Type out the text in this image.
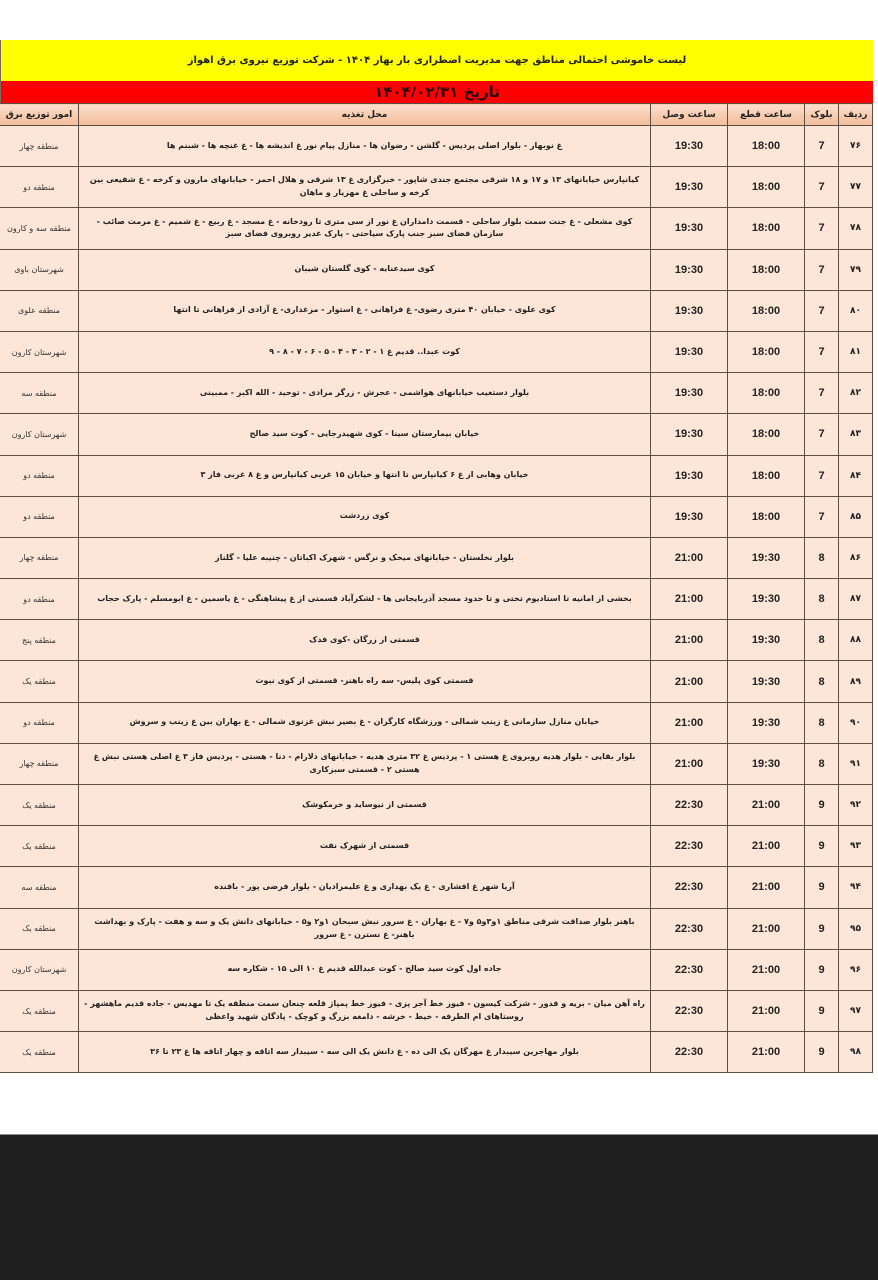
لیست خاموشی احتمالی مناطق جهت مدیریت اضطراری بار بهار ۱۴۰۴ - شرکت توزیع نیروی برق اهواز
تاریخ ۱۴۰۴/۰۲/۳۱
ردیف	بلوک	ساعت قطع	ساعت وصل	محل تغذیه	امور توزیع برق
۷۶	7	18:00	19:30	غ نوبهار - بلوار اصلی پردیس - گلشن - رضوان ها - منازل پیام نور غ اندیشه ها - غ غنچه ها - شبنم ها	منطقه چهار
۷۷	7	18:00	19:30	کیانپارس خیابانهای ۱۳ و ۱۷ و ۱۸ شرقی مجتمع جندی شاپور - خبرگزاری غ ۱۳ شرقی و هلال احمر - خیابانهای مارون و کرخه - غ شفیعی بین کرخه و ساحلی غ مهزیار و ماهان	منطقه دو
۷۸	7	18:00	19:30	کوی مشعلی - غ جنت سمت بلوار ساحلی - قسمت دامداران غ نور از سی متری تا رودخانه - غ مسجد - غ ربیع - غ شمیم - غ مرمت صائب - سازمان فضای سبز جنب پارک سیاحتی - پارک غدیر روبروی فضای سبز	منطقه سه و کارون
۷۹	7	18:00	19:30	کوی سیدعنایه - کوی گلستان شیبان	شهرستان باوی
۸۰	7	18:00	19:30	کوی علوی - خیابان ۴۰ متری رضوی- غ فراهانی - غ استوار - مرغداری- غ آزادی از فراهانی تا انتها	منطقه علوی
۸۱	7	18:00	19:30	کوت عبدا.. قدیم غ ۱ - ۲ - ۳ - ۴ - ۵ - ۶ - ۷ - ۸ - ۹	شهرستان کارون
۸۲	7	18:00	19:30	بلوار دستغیب خیابانهای هواشمی - عجرش - زرگر مرادی - توحید - الله اکبر - ممبینی	منطقه سه
۸۳	7	18:00	19:30	خیابان بیمارستان سینا - کوی شهیدرجایی - کوت سید صالح	شهرستان کارون
۸۴	7	18:00	19:30	خیابان وهابی از غ ۶ کیانپارس تا انتها و خیابان ۱۵ غربی کیانپارس و غ ۸ غربی فاز ۳	منطقه دو
۸۵	7	18:00	19:30	کوی زردشت	منطقه دو
۸۶	8	19:30	21:00	بلوار نخلستان - خیابانهای میخک و نرگس - شهرک اکباتان - چنیبه علیا - گلناز	منطقه چهار
۸۷	8	19:30	21:00	بخشی از امانیه تا استادیوم تختی و تا حدود مسجد آذربایجانی ها - لشکرآباد قسمتی از غ پیشاهنگی - غ یاسمین - غ ابومسلم - پارک حجاب	منطقه دو
۸۸	8	19:30	21:00	قسمتی از زرگان -کوی فدک	منطقه پنج
۸۹	8	19:30	21:00	قسمتی کوی پلیس- سه راه باهنر- قسمتی از کوی نبوت	منطقه یک
۹۰	8	19:30	21:00	خیابان منازل سازمانی غ زینب شمالی - ورزشگاه کارگران - غ بصیر نبش غزنوی شمالی - غ بهاران بین غ زینب و سروش	منطقه دو
۹۱	8	19:30	21:00	بلوار بقایی - بلوار هدیه روبروی غ هستی ۱ - پردیس غ ۳۲ متری هدیه - خیابانهای دلارام - دنا - هستی - پردیس فاز ۳ غ اصلی هستی نبش غ هستی ۲ - قسمتی سبزکاری	منطقه چهار
۹۲	9	21:00	22:30	قسمتی از نیوساید و خرمکوشک	منطقه یک
۹۳	9	21:00	22:30	قسمتی از شهرک نفت	منطقه یک
۹۴	9	21:00	22:30	آریا شهر غ افشاری - غ یک بهداری و غ علیمرادیان - بلوار فرضی پور - بافنده	منطقه سه
۹۵	9	21:00	22:30	باهنر بلوار صداقت شرقی مناطق ۱و۳و۵ و۷ - غ بهاران - غ سرور نبش سبحان ۱و۲ و۵ - خیابانهای دانش یک و سه و هفت - پارک و بهداشت باهنر- غ نسترن - غ سرور	منطقه یک
۹۶	9	21:00	22:30	جاده اول کوت سید صالح - کوت عبدالله قدیم غ ۱۰ الی ۱۵ - شکاره سه	شهرستان کارون
۹۷	9	21:00	22:30	راه آهن میان - بریه و قدور - شرکت کیسون - فیوز خط آجر پزی - فیوز خط پمپاژ قلعه چنعان سمت منطقه یک تا مهدیس - جاده قدیم ماهشهر - روستاهای ام الطرفه - خیط - خرشه - دامغه بزرگ و کوچک - پادگان شهید واعظی	منطقه یک
۹۸	9	21:00	22:30	بلوار مهاجرین سیبدار غ مهرگان یک الی ده - غ دانش یک الی سه - سیبدار سه اتاقه و چهار اتاقه ها غ ۲۳ تا ۳۶	منطقه یک
